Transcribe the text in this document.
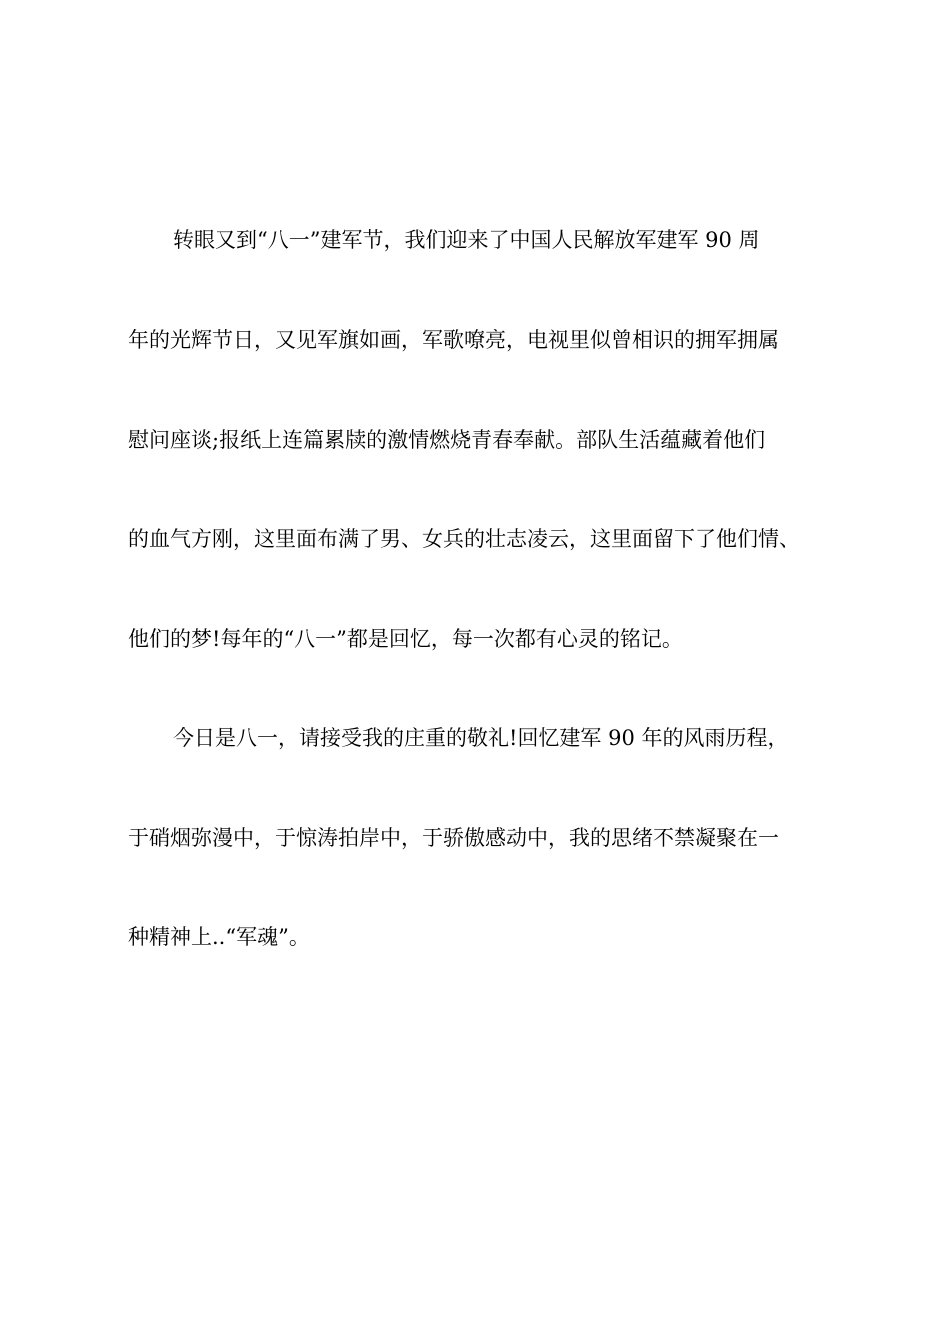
转眼又到“八一”建军节，我们迎来了中国人民解放军建军 90 周

年的光辉节日，又见军旗如画，军歌嘹亮，电视里似曾相识的拥军拥属

慰问座谈;报纸上连篇累牍的激情燃烧青春奉献。部队生活蕴藏着他们

的血气方刚，这里面布满了男、女兵的壮志凌云，这里面留下了他们情、

他们的梦!每年的“八一”都是回忆，每一次都有心灵的铭记。

今日是八一，请接受我的庄重的敬礼!回忆建军 90 年的风雨历程，

于硝烟弥漫中，于惊涛拍岸中，于骄傲感动中，我的思绪不禁凝聚在一

种精神上..“军魂”。
